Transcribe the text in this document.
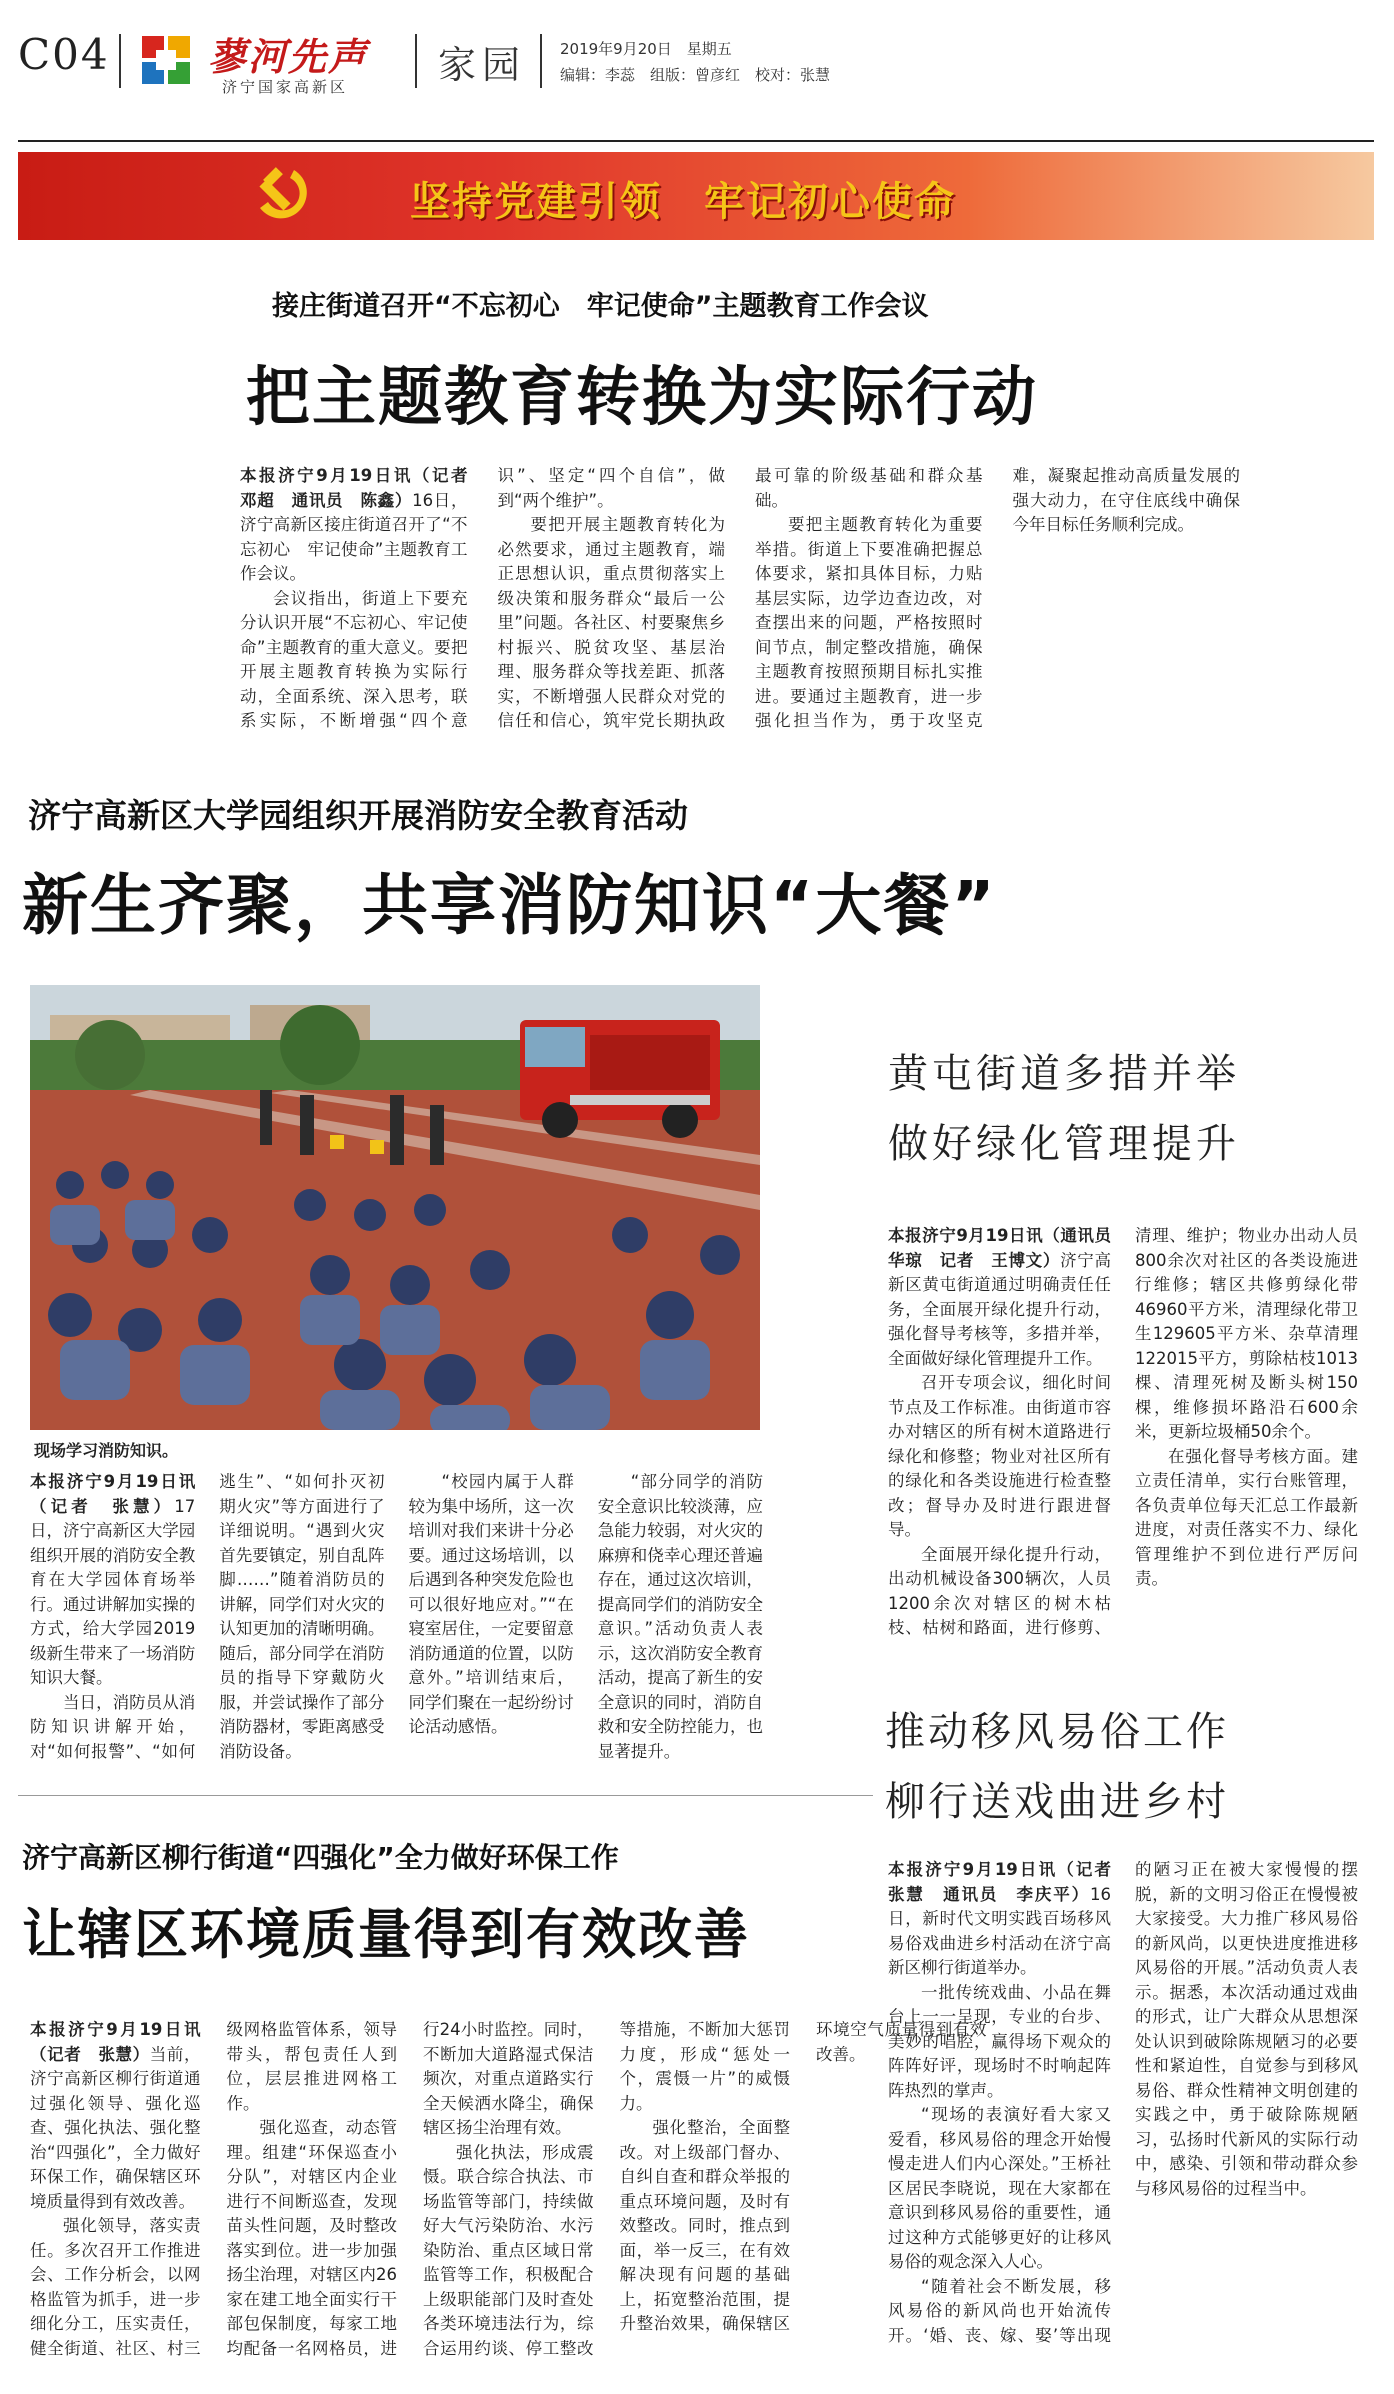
C04	蓼河先声
济宁国家高新区 家园 2019年9月20日　星期五
编辑：李蕊　组版：曾彦红　校对：张慧
坚持党建引领　牢记初心使命
接庄街道召开“不忘初心　牢记使命”主题教育工作会议
把主题教育转换为实际行动

本报济宁9月19日讯（记者　邓超　通讯员　陈鑫）16日，济宁高新区接庄街道召开了“不忘初心　牢记使命”主题教育工作会议。

会议指出，街道上下要充分认识开展“不忘初心、牢记使命”主题教育的重大意义。要把开展主题教育转换为实际行动，全面系统、深入思考，联系实际，不断增强“四个意识”、坚定“四个自信”，做到“两个维护”。

要把开展主题教育转化为必然要求，通过主题教育，端正思想认识，重点贯彻落实上级决策和服务群众“最后一公里”问题。各社区、村要聚焦乡村振兴、脱贫攻坚、基层治理、服务群众等找差距、抓落实，不断增强人民群众对党的信任和信心，筑牢党长期执政最可靠的阶级基础和群众基础。

要把主题教育转化为重要举措。街道上下要准确把握总体要求，紧扣具体目标，力贴基层实际，边学边查边改，对查摆出来的问题，严格按照时间节点，制定整改措施，确保主题教育按照预期目标扎实推进。要通过主题教育，进一步强化担当作为，勇于攻坚克难，凝聚起推动高质量发展的强大动力，在守住底线中确保今年目标任务顺利完成。

济宁高新区大学园组织开展消防安全教育活动
新生齐聚，共享消防知识“大餐”
现场学习消防知识。

本报济宁9月19日讯（记者　张慧）17日，济宁高新区大学园组织开展的消防安全教育在大学园体育场举行。通过讲解加实操的方式，给大学园2019级新生带来了一场消防知识大餐。

当日，消防员从消防知识讲解开始，对“如何报警”、“如何逃生”、“如何扑灭初期火灾”等方面进行了详细说明。“遇到火灾首先要镇定，别自乱阵脚……”随着消防员的讲解，同学们对火灾的认知更加的清晰明确。随后，部分同学在消防员的指导下穿戴防火服，并尝试操作了部分消防器材，零距离感受消防设备。

“校园内属于人群较为集中场所，这一次培训对我们来讲十分必要。通过这场培训，以后遇到各种突发危险也可以很好地应对。”“在寝室居住，一定要留意消防通道的位置，以防意外。”培训结束后，同学们聚在一起纷纷讨论活动感悟。

“部分同学的消防安全意识比较淡薄，应急能力较弱，对火灾的麻痹和侥幸心理还普遍存在，通过这次培训，提高同学们的消防安全意识。”活动负责人表示，这次消防安全教育活动，提高了新生的安全意识的同时，消防自救和安全防控能力，也显著提升。

黄屯街道多措并举
做好绿化管理提升

本报济宁9月19日讯（通讯员　华琼　记者　王博文）济宁高新区黄屯街道通过明确责任任务，全面展开绿化提升行动，强化督导考核等，多措并举，全面做好绿化管理提升工作。

召开专项会议，细化时间节点及工作标准。由街道市容办对辖区的所有树木道路进行绿化和修整；物业对社区所有的绿化和各类设施进行检查整改；督导办及时进行跟进督导。

全面展开绿化提升行动，出动机械设备300辆次，人员1200余次对辖区的树木枯枝、枯树和路面，进行修剪、清理、维护；物业办出动人员800余次对社区的各类设施进行维修；辖区共修剪绿化带46960平方米，清理绿化带卫生129605平方米、杂草清理122015平方，剪除枯枝1013棵、清理死树及断头树150棵，维修损坏路沿石600余米，更新垃圾桶50余个。

在强化督导考核方面。建立责任清单，实行台账管理，各负责单位每天汇总工作最新进度，对责任落实不力、绿化管理维护不到位进行严厉问责。

推动移风易俗工作
柳行送戏曲进乡村

本报济宁9月19日讯（记者　张慧　通讯员　李庆平）16日，新时代文明实践百场移风易俗戏曲进乡村活动在济宁高新区柳行街道举办。

一批传统戏曲、小品在舞台上一一呈现，专业的台步、美妙的唱腔，赢得场下观众的阵阵好评，现场时不时响起阵阵热烈的掌声。

“现场的表演好看大家又爱看，移风易俗的理念开始慢慢走进人们内心深处。”王桥社区居民李晓说，现在大家都在意识到移风易俗的重要性，通过这种方式能够更好的让移风易俗的观念深入人心。

“随着社会不断发展，移风易俗的新风尚也开始流传开。‘婚、丧、嫁、娶’等出现的陋习正在被大家慢慢的摆脱，新的文明习俗正在慢慢被大家接受。大力推广移风易俗的新风尚，以更快进度推进移风易俗的开展。”活动负责人表示。据悉，本次活动通过戏曲的形式，让广大群众从思想深处认识到破除陈规陋习的必要性和紧迫性，自觉参与到移风易俗、群众性精神文明创建的实践之中，勇于破除陈规陋习，弘扬时代新风的实际行动中，感染、引领和带动群众参与移风易俗的过程当中。

济宁高新区柳行街道“四强化”全力做好环保工作
让辖区环境质量得到有效改善

本报济宁9月19日讯（记者　张慧）当前，济宁高新区柳行街道通过强化领导、强化巡查、强化执法、强化整治“四强化”，全力做好环保工作，确保辖区环境质量得到有效改善。

强化领导，落实责任。多次召开工作推进会、工作分析会，以网格监管为抓手，进一步细化分工，压实责任，健全街道、社区、村三级网格监管体系，领导带头，帮包责任人到位，层层推进网格工作。

强化巡查，动态管理。组建“环保巡查小分队”，对辖区内企业进行不间断巡查，发现苗头性问题，及时整改落实到位。进一步加强扬尘治理，对辖区内26家在建工地全面实行干部包保制度，每家工地均配备一名网格员，进行24小时监控。同时，不断加大道路湿式保洁频次，对重点道路实行全天候洒水降尘，确保辖区扬尘治理有效。

强化执法，形成震慑。联合综合执法、市场监管等部门，持续做好大气污染防治、水污染防治、重点区域日常监管等工作，积极配合上级职能部门及时查处各类环境违法行为，综合运用约谈、停工整改等措施，不断加大惩罚力度，形成“惩处一个，震慑一片”的威慑力。

强化整治，全面整改。对上级部门督办、自纠自查和群众举报的重点环境问题，及时有效整改。同时，推点到面，举一反三，在有效解决现有问题的基础上，拓宽整治范围，提升整治效果，确保辖区环境空气质量得到有效改善。
